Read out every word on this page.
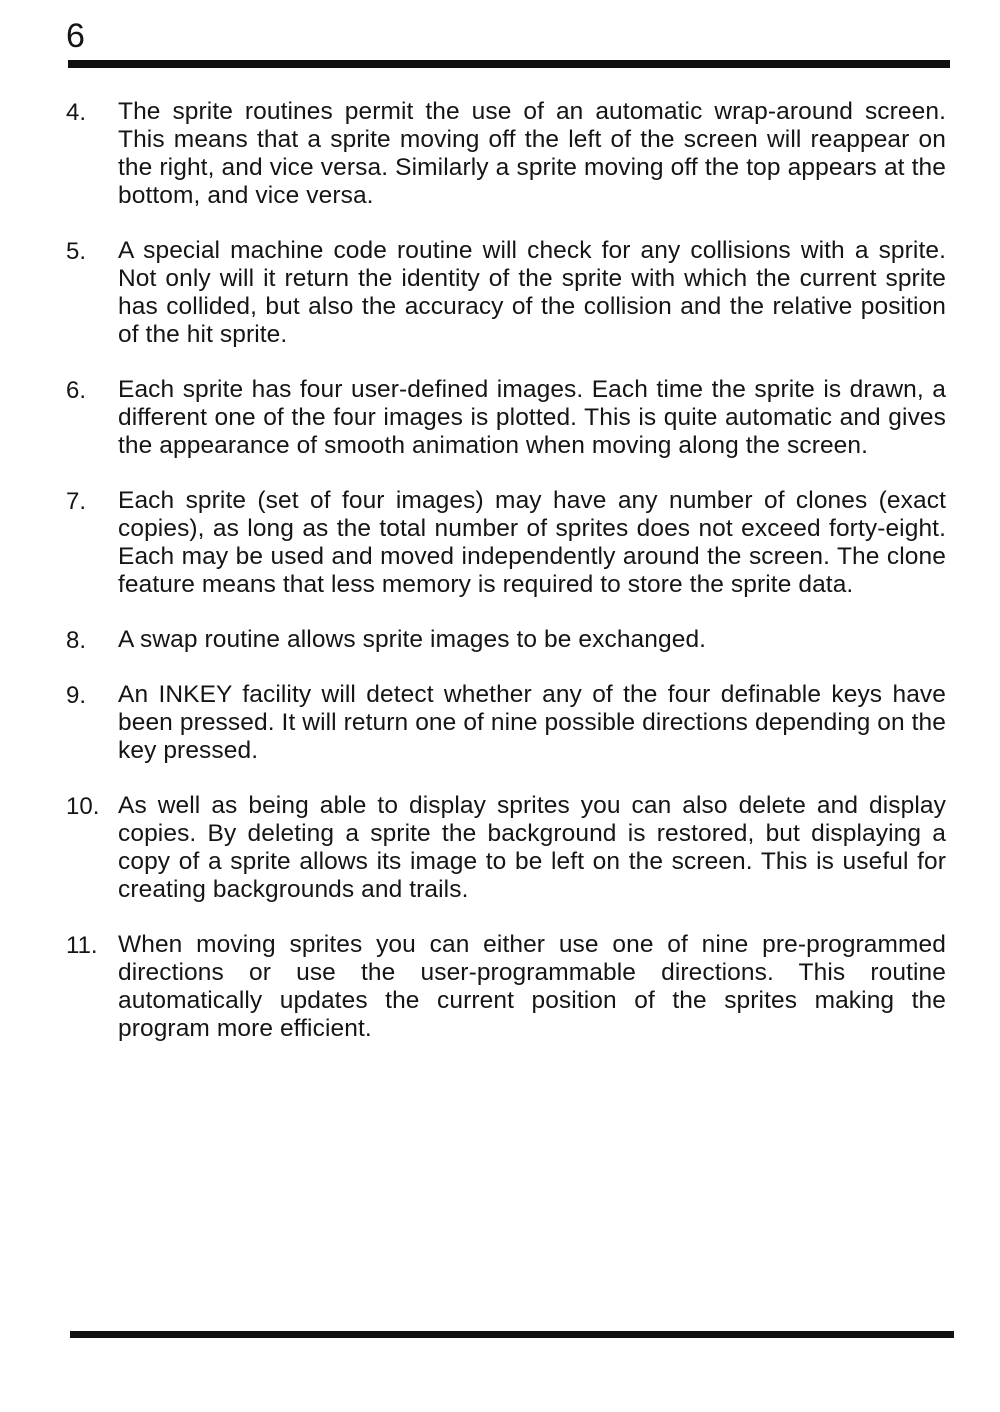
6
4. The sprite routines permit the use of an automatic wrap-around screen. This means that a sprite moving off the left of the screen will reappear on the right, and vice versa. Similarly a sprite moving off the top appears at the bottom, and vice versa.
5. A special machine code routine will check for any collisions with a sprite. Not only will it return the identity of the sprite with which the current sprite has collided, but also the accuracy of the collision and the relative position of the hit sprite.
6. Each sprite has four user-defined images. Each time the sprite is drawn, a different one of the four images is plotted. This is quite automatic and gives the appearance of smooth animation when moving along the screen.
7. Each sprite (set of four images) may have any number of clones (exact copies), as long as the total number of sprites does not exceed forty-eight. Each may be used and moved independently around the screen. The clone feature means that less memory is required to store the sprite data.
8. A swap routine allows sprite images to be exchanged.
9. An INKEY facility will detect whether any of the four definable keys have been pressed. It will return one of nine possible directions depending on the key pressed.
10. As well as being able to display sprites you can also delete and display copies. By deleting a sprite the background is restored, but displaying a copy of a sprite allows its image to be left on the screen. This is useful for creating backgrounds and trails.
11. When moving sprites you can either use one of nine pre-programmed directions or use the user-programmable directions. This routine automatically updates the current position of the sprites making the program more efficient.
